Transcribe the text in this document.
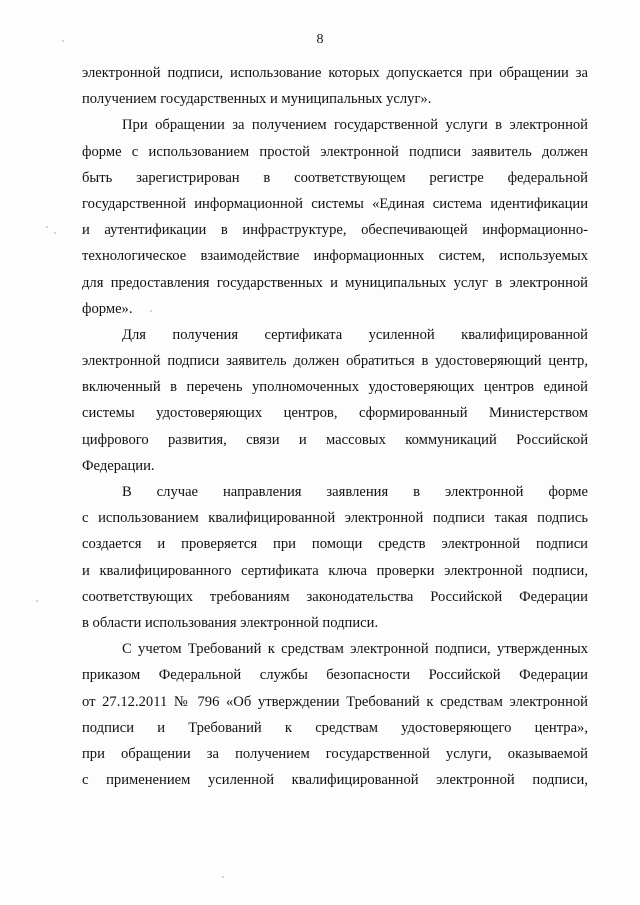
8
электронной подписи, использование которых допускается при обращении за
получением государственных и муниципальных услуг».
При обращении за получением государственной услуги в электронной
форме с использованием простой электронной подписи заявитель должен
быть зарегистрирован в соответствующем регистре федеральной
государственной информационной системы «Единая система идентификации
и аутентификации в инфраструктуре, обеспечивающей информационно-
технологическое взаимодействие информационных систем, используемых
для предоставления государственных и муниципальных услуг в электронной
форме».
Для получения сертификата усиленной квалифицированной
электронной подписи заявитель должен обратиться в удостоверяющий центр,
включенный в перечень уполномоченных удостоверяющих центров единой
системы удостоверяющих центров, сформированный Министерством
цифрового развития, связи и массовых коммуникаций Российской
Федерации.
В случае направления заявления в электронной форме
с использованием квалифицированной электронной подписи такая подпись
создается и проверяется при помощи средств электронной подписи
и квалифицированного сертификата ключа проверки электронной подписи,
соответствующих требованиям законодательства Российской Федерации
в области использования электронной подписи.
С учетом Требований к средствам электронной подписи, утвержденных
приказом Федеральной службы безопасности Российской Федерации
от 27.12.2011 № 796 «Об утверждении Требований к средствам электронной
подписи и Требований к средствам удостоверяющего центра»,
при обращении за получением государственной услуги, оказываемой
с применением усиленной квалифицированной электронной подписи,
